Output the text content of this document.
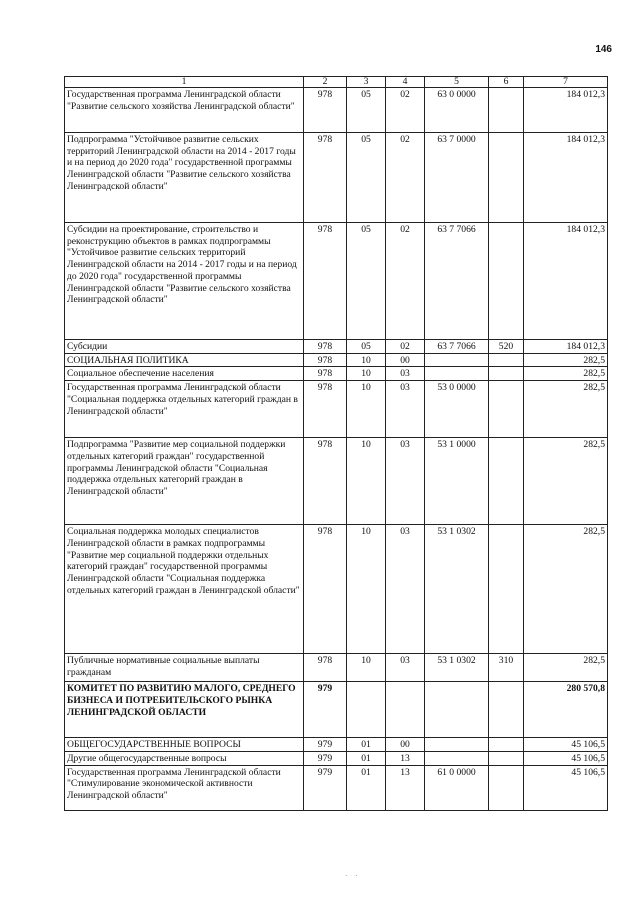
146
1	2	3	4	5	6	7
Государственная программа Ленинградской области "Развитие сельского хозяйства Ленинградской области"	978	05	02	63 0 0000		184 012,3
Подпрограмма "Устойчивое развитие сельских территорий Ленинградской области на 2014 - 2017 годы и на период до 2020 года" государственной программы Ленинградской области "Развитие сельского хозяйства Ленинградской области"	978	05	02	63 7 0000		184 012,3
Субсидии на проектирование, строительство и реконструкцию объектов в рамках подпрограммы "Устойчивое развитие сельских территорий Ленинградской области на 2014 - 2017 годы и на период до 2020 года" государственной программы Ленинградской области "Развитие сельского хозяйства Ленинградской области"	978	05	02	63 7 7066		184 012,3
Субсидии	978	05	02	63 7 7066	520	184 012,3
СОЦИАЛЬНАЯ ПОЛИТИКА	978	10	00			282,5
Социальное обеспечение населения	978	10	03			282,5
Государственная программа Ленинградской области "Социальная поддержка отдельных категорий граждан в Ленинградской области"	978	10	03	53 0 0000		282,5
Подпрограмма "Развитие мер социальной поддержки отдельных категорий граждан" государственной программы Ленинградской области "Социальная поддержка отдельных категорий граждан в Ленинградской области"	978	10	03	53 1 0000		282,5
Социальная поддержка молодых специалистов Ленинградской области в рамках подпрограммы "Развитие мер социальной поддержки отдельных категорий граждан" государственной программы Ленинградской области "Социальная поддержка отдельных категорий граждан в Ленинградской области"	978	10	03	53 1 0302		282,5
Публичные нормативные социальные выплаты гражданам	978	10	03	53 1 0302	310	282,5
КОМИТЕТ ПО РАЗВИТИЮ МАЛОГО, СРЕДНЕГО БИЗНЕСА И ПОТРЕБИТЕЛЬСКОГО РЫНКА ЛЕНИНГРАДСКОЙ ОБЛАСТИ	979					280 570,8
ОБЩЕГОСУДАРСТВЕННЫЕ ВОПРОСЫ	979	01	00			45 106,5
Другие общегосударственные вопросы	979	01	13			45 106,5
Государственная программа Ленинградской области "Стимулирование экономической активности Ленинградской области"	979	01	13	61 0 0000		45 106,5
· ·
